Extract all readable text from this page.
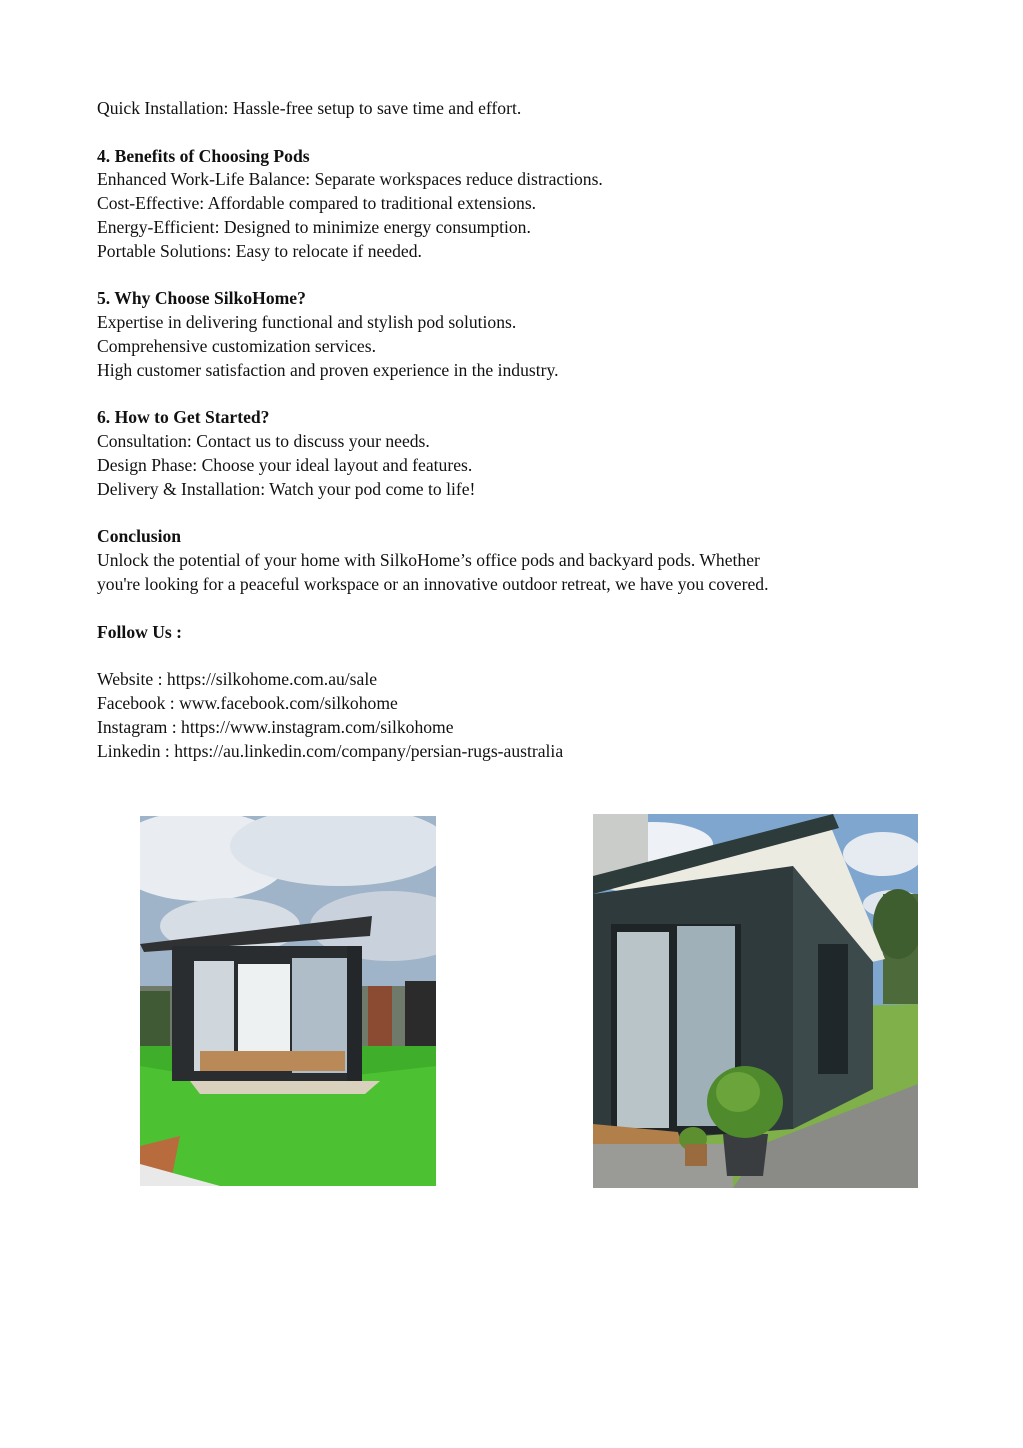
Quick Installation: Hassle-free setup to save time and effort.
4. Benefits of Choosing Pods
Enhanced Work-Life Balance: Separate workspaces reduce distractions.
Cost-Effective: Affordable compared to traditional extensions.
Energy-Efficient: Designed to minimize energy consumption.
Portable Solutions: Easy to relocate if needed.
5. Why Choose SilkoHome?
Expertise in delivering functional and stylish pod solutions.
Comprehensive customization services.
High customer satisfaction and proven experience in the industry.
6. How to Get Started?
Consultation: Contact us to discuss your needs.
Design Phase: Choose your ideal layout and features.
Delivery & Installation: Watch your pod come to life!
Conclusion
Unlock the potential of your home with SilkoHome’s office pods and backyard pods. Whether
you're looking for a peaceful workspace or an innovative outdoor retreat, we have you covered.
Follow Us :
Website : https://silkohome.com.au/sale
Facebook : www.facebook.com/silkohome
Instagram : https://www.instagram.com/silkohome
Linkedin : https://au.linkedin.com/company/persian-rugs-australia
